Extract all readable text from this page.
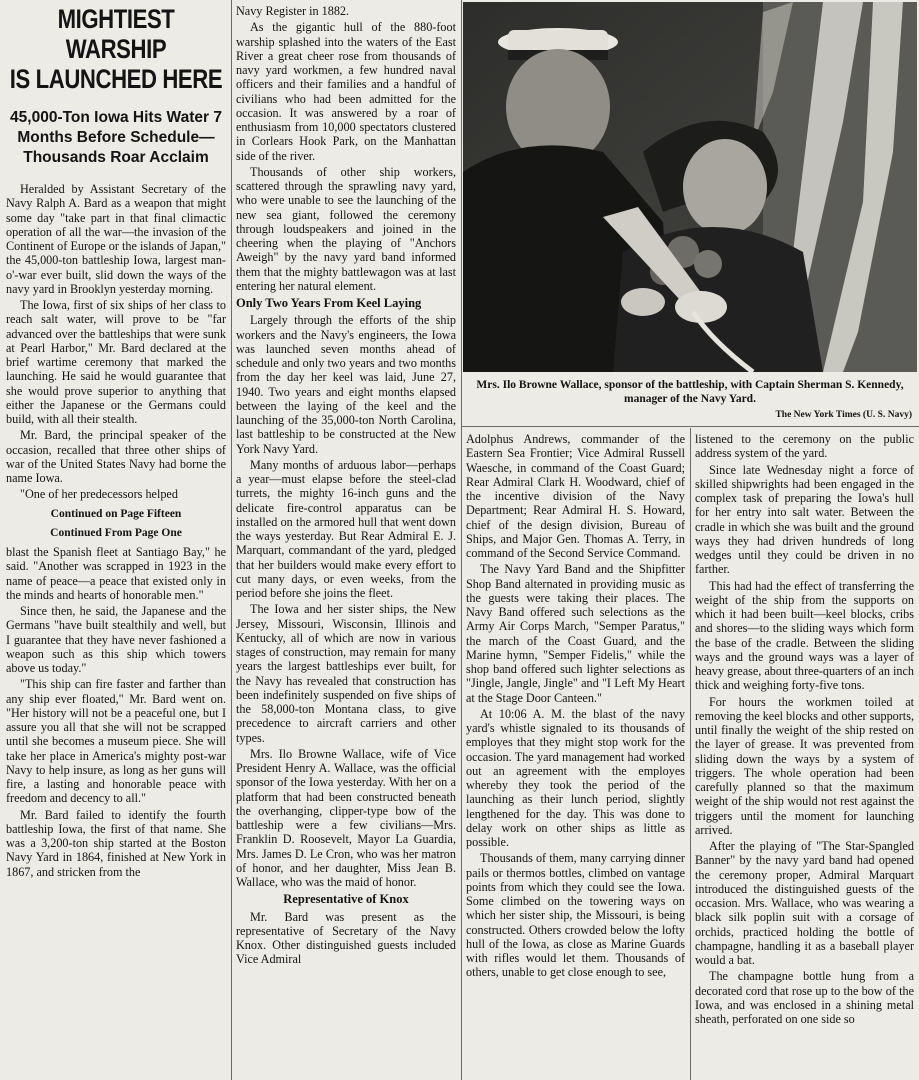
MIGHTIEST WARSHIP
IS LAUNCHED HERE
45,000-Ton Iowa Hits Water 7 Months Before Schedule—Thousands Roar Acclaim

Heralded by Assistant Secretary of the Navy Ralph A. Bard as a weapon that might some day "take part in that final climactic operation of all the war—the invasion of the Continent of Europe or the islands of Japan," the 45,000-ton battleship Iowa, largest man-o'-war ever built, slid down the ways of the navy yard in Brooklyn yesterday morning.

The Iowa, first of six ships of her class to reach salt water, will prove to be "far advanced over the battleships that were sunk at Pearl Harbor," Mr. Bard declared at the brief wartime ceremony that marked the launching. He said he would guarantee that she would prove superior to anything that either the Japanese or the Germans could build, with all their stealth.

Mr. Bard, the principal speaker of the occasion, recalled that three other ships of war of the United States Navy had borne the name Iowa.

"One of her predecessors helped

Continued on Page Fifteen
Continued From Page One

blast the Spanish fleet at Santiago Bay," he said. "Another was scrapped in 1923 in the name of peace—a peace that existed only in the minds and hearts of honorable men."

Since then, he said, the Japanese and the Germans "have built stealthily and well, but I guarantee that they have never fashioned a weapon such as this ship which towers above us today."

"This ship can fire faster and farther than any ship ever floated," Mr. Bard went on. "Her history will not be a peaceful one, but I assure you all that she will not be scrapped until she becomes a museum piece. She will take her place in America's mighty post-war Navy to help insure, as long as her guns will fire, a lasting and honorable peace with freedom and decency to all."

Mr. Bard failed to identify the fourth battleship Iowa, the first of that name. She was a 3,200-ton ship started at the Boston Navy Yard in 1864, finished at New York in 1867, and stricken from the

Navy Register in 1882.

As the gigantic hull of the 880-foot warship splashed into the waters of the East River a great cheer rose from thousands of navy yard workmen, a few hundred naval officers and their families and a handful of civilians who had been admitted for the occasion. It was answered by a roar of enthusiasm from 10,000 spectators clustered in Corlears Hook Park, on the Manhattan side of the river.

Thousands of other ship workers, scattered through the sprawling navy yard, who were unable to see the launching of the new sea giant, followed the ceremony through loudspeakers and joined in the cheering when the playing of "Anchors Aweigh" by the navy yard band informed them that the mighty battlewagon was at last entering her natural element.

Only Two Years From Keel Laying

Largely through the efforts of the ship workers and the Navy's engineers, the Iowa was launched seven months ahead of schedule and only two years and two months from the day her keel was laid, June 27, 1940. Two years and eight months elapsed between the laying of the keel and the launching of the 35,000-ton North Carolina, last battleship to be constructed at the New York Navy Yard.

Many months of arduous labor—perhaps a year—must elapse before the steel-clad turrets, the mighty 16-inch guns and the delicate fire-control apparatus can be installed on the armored hull that went down the ways yesterday. But Rear Admiral E. J. Marquart, commandant of the yard, pledged that her builders would make every effort to cut many days, or even weeks, from the period before she joins the fleet.

The Iowa and her sister ships, the New Jersey, Missouri, Wisconsin, Illinois and Kentucky, all of which are now in various stages of construction, may remain for many years the largest battleships ever built, for the Navy has revealed that construction has been indefinitely suspended on five ships of the 58,000-ton Montana class, to give precedence to aircraft carriers and other types.

Mrs. Ilo Browne Wallace, wife of Vice President Henry A. Wallace, was the official sponsor of the Iowa yesterday. With her on a platform that had been constructed beneath the overhanging, clipper-type bow of the battleship were a few civilians—Mrs. Franklin D. Roosevelt, Mayor La Guardia, Mrs. James D. Le Cron, who was her matron of honor, and her daughter, Miss Jean B. Wallace, who was the maid of honor.

Representative of Knox

Mr. Bard was present as the representative of Secretary of the Navy Knox. Other distinguished guests included Vice Admiral

Mrs. Ilo Browne Wallace, sponsor of the battleship, with Captain Sherman S. Kennedy, manager of the Navy Yard.
The New York Times (U. S. Navy)

Adolphus Andrews, commander of the Eastern Sea Frontier; Vice Admiral Russell Waesche, in command of the Coast Guard; Rear Admiral Clark H. Woodward, chief of the incentive division of the Navy Department; Rear Admiral H. S. Howard, chief of the design division, Bureau of Ships, and Major Gen. Thomas A. Terry, in command of the Second Service Command.

The Navy Yard Band and the Shipfitter Shop Band alternated in providing music as the guests were taking their places. The Navy Band offered such selections as the Army Air Corps March, "Semper Paratus," the march of the Coast Guard, and the Marine hymn, "Semper Fidelis," while the shop band offered such lighter selections as "Jingle, Jangle, Jingle" and "I Left My Heart at the Stage Door Canteen."

At 10:06 A. M. the blast of the navy yard's whistle signaled to its thousands of employes that they might stop work for the occasion. The yard management had worked out an agreement with the employes whereby they took the period of the launching as their lunch period, slightly lengthened for the day. This was done to delay work on other ships as little as possible.

Thousands of them, many carrying dinner pails or thermos bottles, climbed on vantage points from which they could see the Iowa. Some climbed on the towering ways on which her sister ship, the Missouri, is being constructed. Others crowded below the lofty hull of the Iowa, as close as Marine Guards with rifles would let them. Thousands of others, unable to get close enough to see,

listened to the ceremony on the public address system of the yard.

Since late Wednesday night a force of skilled shipwrights had been engaged in the complex task of preparing the Iowa's hull for her entry into salt water. Between the cradle in which she was built and the ground ways they had driven hundreds of long wedges until they could be driven in no farther.

This had had the effect of transferring the weight of the ship from the supports on which it had been built—keel blocks, cribs and shores—to the sliding ways which form the base of the cradle. Between the sliding ways and the ground ways was a layer of heavy grease, about three-quarters of an inch thick and weighing forty-five tons.

For hours the workmen toiled at removing the keel blocks and other supports, until finally the weight of the ship rested on the layer of grease. It was prevented from sliding down the ways by a system of triggers. The whole operation had been carefully planned so that the maximum weight of the ship would not rest against the triggers until the moment for launching arrived.

After the playing of "The Star-Spangled Banner" by the navy yard band had opened the ceremony proper, Admiral Marquart introduced the distinguished guests of the occasion. Mrs. Wallace, who was wearing a black silk poplin suit with a corsage of orchids, practiced holding the bottle of champagne, handling it as a baseball player would a bat.

The champagne bottle hung from a decorated cord that rose up to the bow of the Iowa, and was enclosed in a shining metal sheath, perforated on one side so
